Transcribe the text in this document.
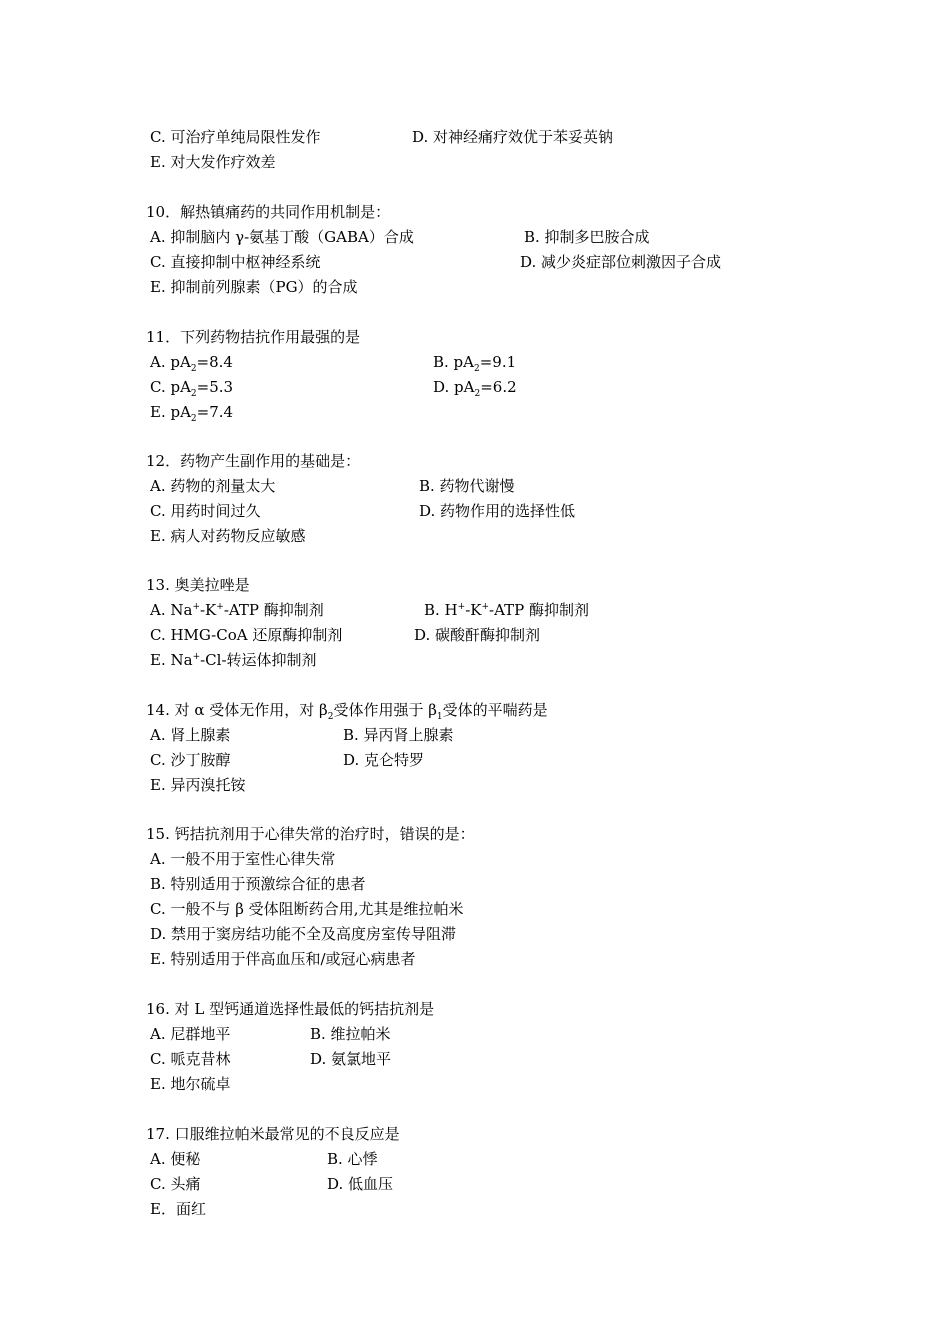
C. 可治疗单纯局限性发作	D. 对神经痛疗效优于苯妥英钠
E. 对大发作疗效差
10．解热镇痛药的共同作用机制是：
A. 抑制脑内 γ-氨基丁酸（GABA）合成	B. 抑制多巴胺合成
C. 直接抑制中枢神经系统	D. 减少炎症部位刺激因子合成
E. 抑制前列腺素（PG）的合成
11．下列药物拮抗作用最强的是
A. $pA_2=8.4$	B. $pA_2=9.1$
C. $pA_2=5.3$	D. $pA_2=6.2$
E. $pA_2=7.4$
12．药物产生副作用的基础是：
A. 药物的剂量太大	B. 药物代谢慢
C. 用药时间过久	D. 药物作用的选择性低
E. 病人对药物反应敏感
13. 奥美拉唑是
A. Na+-K+-ATP 酶抑制剂	B. H+-K+-ATP 酶抑制剂
C. HMG-CoA 还原酶抑制剂	D. 碳酸酐酶抑制剂
E. Na+-Cl-转运体抑制剂
14. 对 α 受体无作用，对 $\beta_2$受体作用强于 $\beta_1$受体的平喘药是
A. 肾上腺素	B. 异丙肾上腺素
C. 沙丁胺醇	D. 克仑特罗
E. 异丙溴托铵
15. 钙拮抗剂用于心律失常的治疗时，错误的是：
A. 一般不用于室性心律失常
B. 特别适用于预激综合征的患者
C. 一般不与 β 受体阻断药合用,尤其是维拉帕米
D. 禁用于窦房结功能不全及高度房室传导阻滞
E. 特别适用于伴高血压和/或冠心病患者
16. 对 L 型钙通道选择性最低的钙拮抗剂是
A. 尼群地平	B. 维拉帕米
C. 哌克昔林	D. 氨氯地平
E. 地尔硫卓
17. 口服维拉帕米最常见的不良反应是
A. 便秘	B. 心悸
C. 头痛	D. 低血压
E．面红
